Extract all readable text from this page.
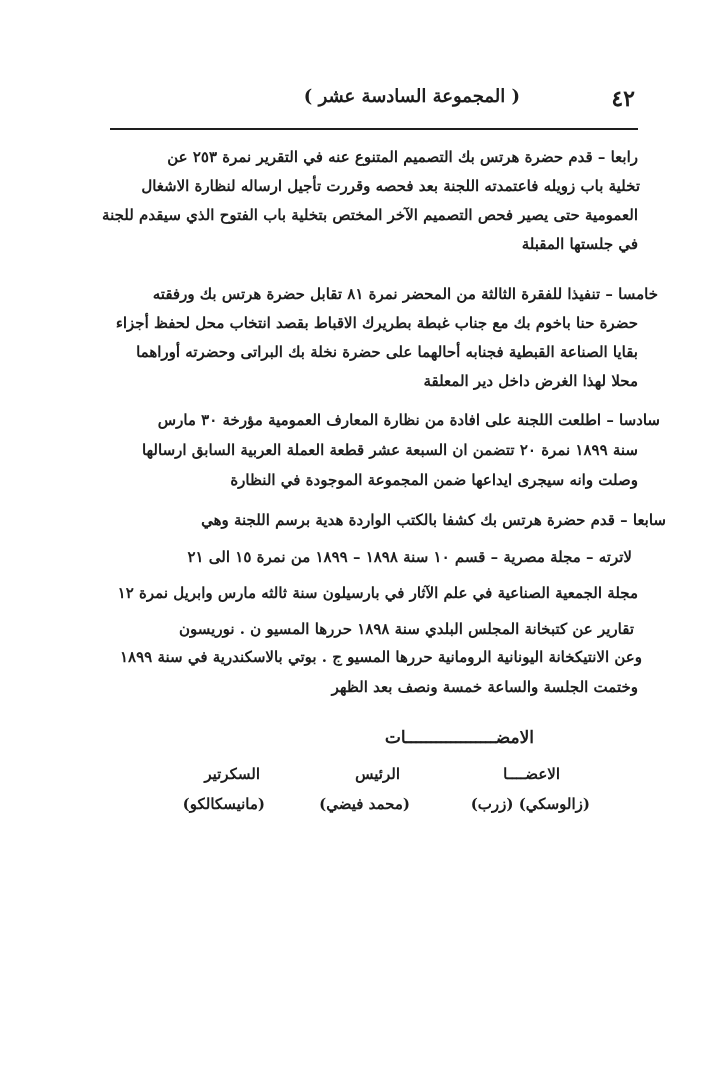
٤٢
( المجموعة السادسة عشر )
رابعا – قدم حضرة هرتس بك التصميم المتنوع عنه في التقرير نمرة ٢٥٣ عن
تخلية باب زويله فاعتمدته اللجنة بعد فحصه وقررت تأجيل ارساله لنظارة الاشغال
العمومية حتى يصير فحص التصميم الآخر المختص بتخلية باب الفتوح الذي سيقدم للجنة
في جلستها المقبلة
خامسا – تنفيذا للفقرة الثالثة من المحضر نمرة ٨١ تقابل حضرة هرتس بك ورفقته
حضرة حنا باخوم بك مع جناب غبطة بطريرك الاقباط بقصد انتخاب محل لحفظ أجزاء
بقايا الصناعة القبطية فجنابه أحالهما على حضرة نخلة بك البراتى وحضرته أوراهما
محلا لهذا الغرض داخل دير المعلقة
سادسا – اطلعت اللجنة على افادة من نظارة المعارف العمومية مؤرخة ٣٠ مارس
سنة ١٨٩٩ نمرة ٢٠ تتضمن ان السبعة عشر قطعة العملة العربية السابق ارسالها
وصلت وانه سيجرى ايداعها ضمن المجموعة الموجودة في النظارة
سابعا – قدم حضرة هرتس بك كشفا بالكتب الواردة هدية برسم اللجنة وهي
لاترته – مجلة مصرية – قسم ١٠ سنة ١٨٩٨ – ١٨٩٩ من نمرة ١٥ الى ٢١
مجلة الجمعية الصناعية في علم الآثار في بارسيلون سنة ثالثه مارس وابريل نمرة ١٢
تقارير عن كتبخانة المجلس البلدي سنة ١٨٩٨ حررها المسيو ن . نوريسون
وعن الانتيكخانة اليونانية الرومانية حررها المسيو ج . بوتي بالاسكندرية في سنة ١٨٩٩
وختمت الجلسة والساعة خمسة ونصف بعد الظهر
الامضــــــــــــــــــات
الاعضــــا
الرئيس
السكرتير
(زالوسكي) (زرب)
(محمد فيضي)
(مانيسكالكو)
